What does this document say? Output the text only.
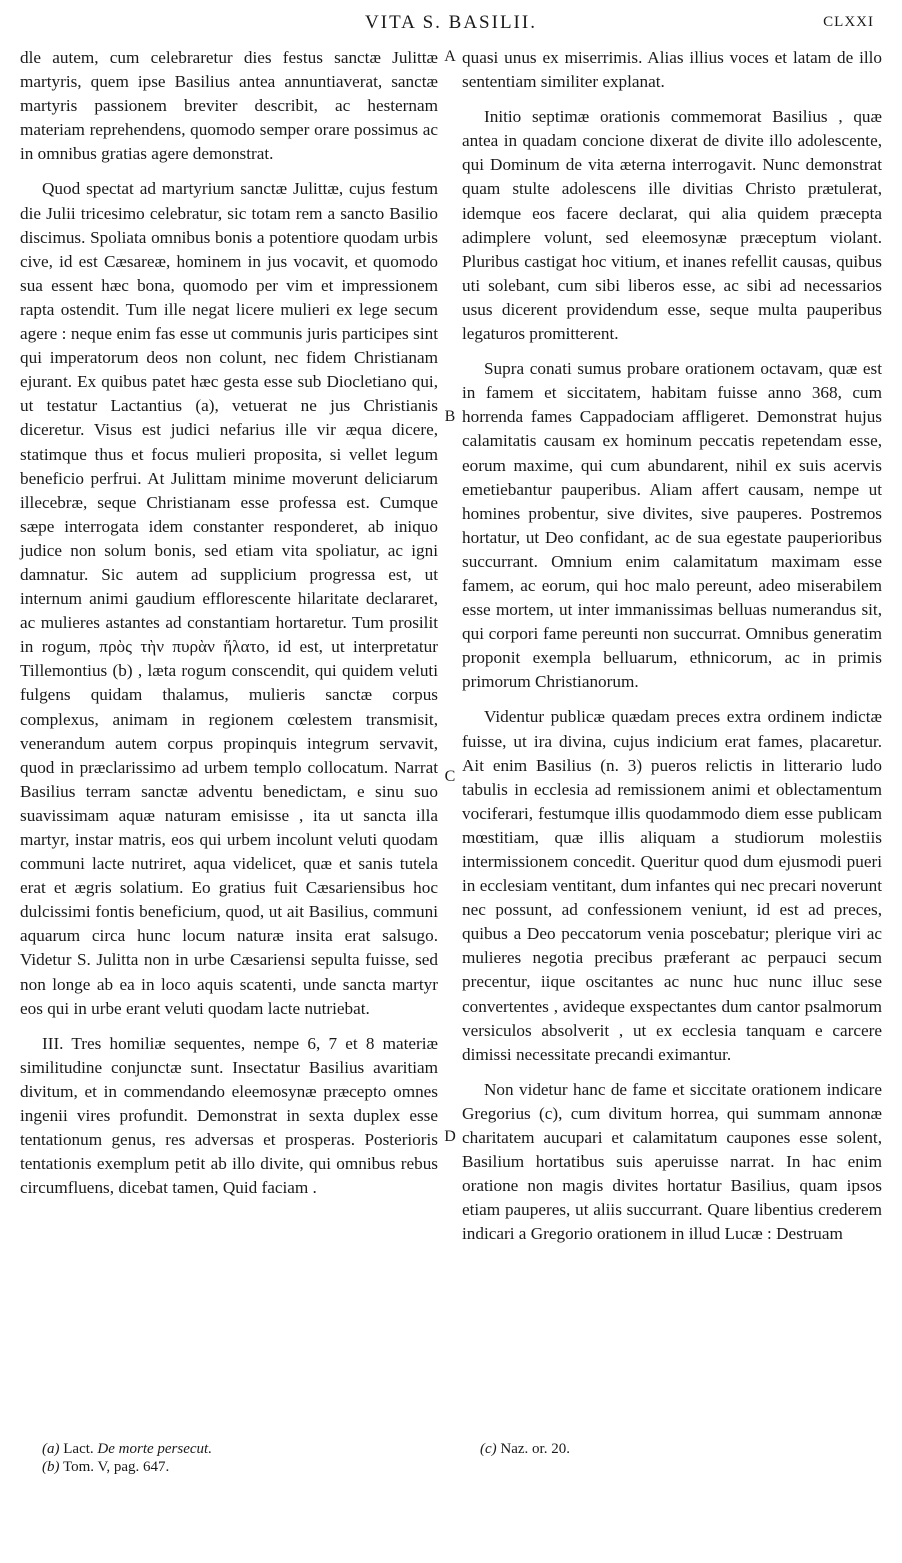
VITA S. BASILII.	CLXXI

dle autem, cum celebraretur dies festus sanctæ Julittæ martyris, quem ipse Basilius antea annuntiaverat, sanctæ martyris passionem breviter describit, ac hesternam materiam reprehendens, quomodo semper orare possimus ac in omnibus gratias agere demonstrat.

Quod spectat ad martyrium sanctæ Julittæ, cujus festum die Julii tricesimo celebratur, sic totam rem a sancto Basilio discimus. Spoliata omnibus bonis a potentiore quodam urbis cive, id est Cæsareæ, hominem in jus vocavit, et quomodo sua essent hæc bona, quomodo per vim et impressionem rapta ostendit. Tum ille negat licere mulieri ex lege secum agere : neque enim fas esse ut communis juris participes sint qui imperatorum deos non colunt, nec fidem Christianam ejurant. Ex quibus patet hæc gesta esse sub Diocletiano qui, ut testatur Lactantius (a), vetuerat ne jus Christianis diceretur. Visus est judici nefarius ille vir æqua dicere, statimque thus et focus mulieri proposita, si vellet legum beneficio perfrui. At Julittam minime moverunt deliciarum illecebræ, seque Christianam esse professa est. Cumque sæpe interrogata idem constanter responderet, ab iniquo judice non solum bonis, sed etiam vita spoliatur, ac igni damnatur. Sic autem ad supplicium progressa est, ut internum animi gaudium efflorescente hilaritate declararet, ac mulieres astantes ad constantiam hortaretur. Tum prosilit in rogum, πρὸς τὴν πυρὰν ἥλατο, id est, ut interpretatur Tillemontius (b) , læta rogum conscendit, qui quidem veluti fulgens quidam thalamus, mulieris sanctæ corpus complexus, animam in regionem cœlestem transmisit, venerandum autem corpus propinquis integrum servavit, quod in præclarissimo ad urbem templo collocatum. Narrat Basilius terram sanctæ adventu benedictam, e sinu suo suavissimam aquæ naturam emisisse , ita ut sancta illa martyr, instar matris, eos qui urbem incolunt veluti quodam communi lacte nutriret, aqua videlicet, quæ et sanis tutela erat et ægris solatium. Eo gratius fuit Cæsariensibus hoc dulcissimi fontis beneficium, quod, ut ait Basilius, communi aquarum circa hunc locum naturæ insita erat salsugo. Videtur S. Julitta non in urbe Cæsariensi sepulta fuisse, sed non longe ab ea in loco aquis scatenti, unde sancta martyr eos qui in urbe erant veluti quodam lacte nutriebat.

III. Tres homiliæ sequentes, nempe 6, 7 et 8 materiæ similitudine conjunctæ sunt. Insectatur Basilius avaritiam divitum, et in commendando eleemosynæ præcepto omnes ingenii vires profundit. Demonstrat in sexta duplex esse tentationum genus, res adversas et prosperas. Posterioris tentationis exemplum petit ab illo divite, qui omnibus rebus circumfluens, dicebat tamen, Quid faciam .

A
B
C
D

quasi unus ex miserrimis. Alias illius voces et latam de illo sententiam similiter explanat.

Initio septimæ orationis commemorat Basilius , quæ antea in quadam concione dixerat de divite illo adolescente, qui Dominum de vita æterna interrogavit. Nunc demonstrat quam stulte adolescens ille divitias Christo prætulerat, idemque eos facere declarat, qui alia quidem præcepta adimplere volunt, sed eleemosynæ præceptum violant. Pluribus castigat hoc vitium, et inanes refellit causas, quibus uti solebant, cum sibi liberos esse, ac sibi ad necessarios usus dicerent providendum esse, seque multa pauperibus legaturos promitterent.

Supra conati sumus probare orationem octavam, quæ est in famem et siccitatem, habitam fuisse anno 368, cum horrenda fames Cappadociam affligeret. Demonstrat hujus calamitatis causam ex hominum peccatis repetendam esse, eorum maxime, qui cum abundarent, nihil ex suis acervis emetiebantur pauperibus. Aliam affert causam, nempe ut homines probentur, sive divites, sive pauperes. Postremos hortatur, ut Deo confidant, ac de sua egestate pauperioribus succurrant. Omnium enim calamitatum maximam esse famem, ac eorum, qui hoc malo pereunt, adeo miserabilem esse mortem, ut inter immanissimas belluas numerandus sit, qui corpori fame pereunti non succurrat. Omnibus generatim proponit exempla belluarum, ethnicorum, ac in primis primorum Christianorum.

Videntur publicæ quædam preces extra ordinem indictæ fuisse, ut ira divina, cujus indicium erat fames, placaretur. Ait enim Basilius (n. 3) pueros relictis in litterario ludo tabulis in ecclesia ad remissionem animi et oblectamentum vociferari, festumque illis quodammodo diem esse publicam mœstitiam, quæ illis aliquam a studiorum molestiis intermissionem concedit. Queritur quod dum ejusmodi pueri in ecclesiam ventitant, dum infantes qui nec precari noverunt nec possunt, ad confessionem veniunt, id est ad preces, quibus a Deo peccatorum venia poscebatur; plerique viri ac mulieres negotia precibus præferant ac perpauci secum precentur, iique oscitantes ac nunc huc nunc illuc sese convertentes , avideque exspectantes dum cantor psalmorum versiculos absolverit , ut ex ecclesia tanquam e carcere dimissi necessitate precandi eximantur.

Non videtur hanc de fame et siccitate orationem indicare Gregorius (c), cum divitum horrea, qui summam annonæ charitatem aucupari et calamitatum caupones esse solent, Basilium hortatibus suis aperuisse narrat. In hac enim oratione non magis divites hortatur Basilius, quam ipsos etiam pauperes, ut aliis succurrant. Quare libentius crederem indicari a Gregorio orationem in illud Lucæ : Destruam

(a) Lact. De morte persecut.

(b) Tom. V, pag. 647.

(c) Naz. or. 20.
